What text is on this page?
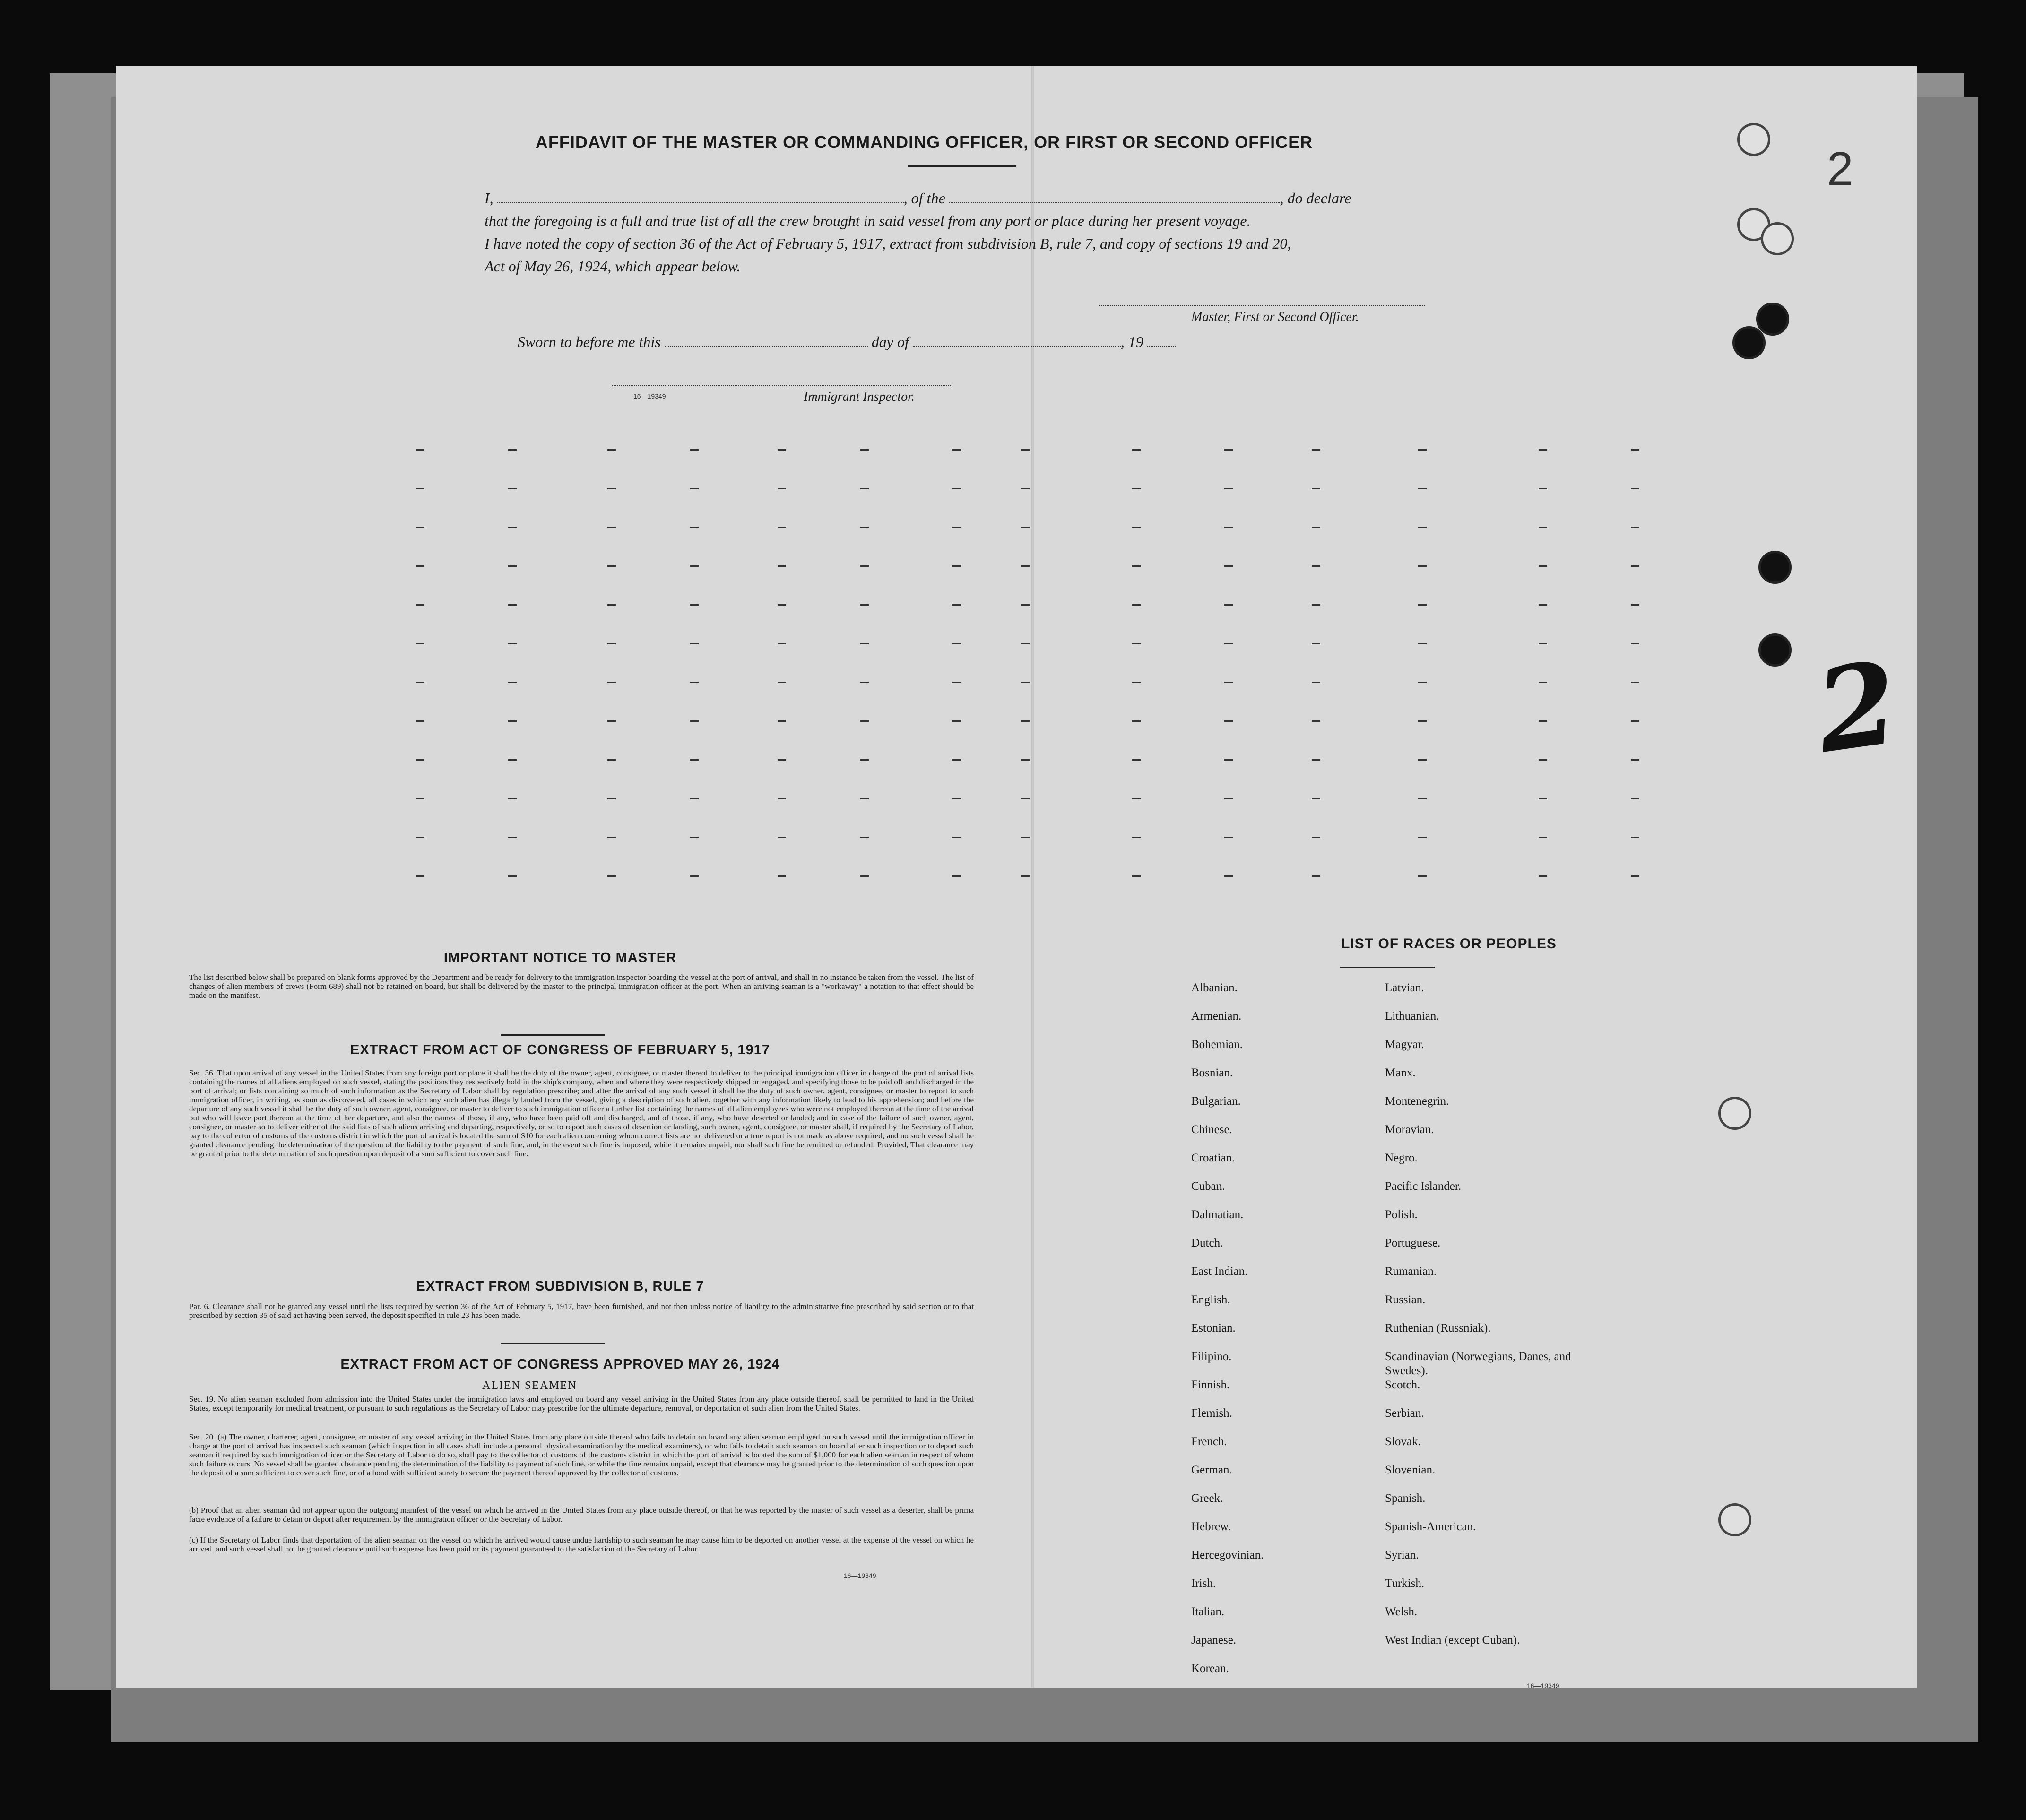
2
2
AFFIDAVIT OF THE MASTER OR COMMANDING OFFICER, OR FIRST OR SECOND OFFICER
I,	, of the	, do declare
that the foregoing is a full and true list of all the crew brought in said vessel from any port or place during her present voyage.
I have noted the copy of section 36 of the Act of February 5, 1917, extract from subdivision B, rule 7, and copy of sections 19 and 20,
Act of May 26, 1924, which appear below.
Master, First or Second Officer.
Sworn to before me this	day of	, 19
16—19349	Immigrant Inspector.
IMPORTANT NOTICE TO MASTER

The list described below shall be prepared on blank forms approved by the Department and be ready for delivery to the immigration inspector boarding the vessel at the port of arrival, and shall in no instance be taken from the vessel. The list of changes of alien members of crews (Form 689) shall not be retained on board, but shall be delivered by the master to the principal immigration officer at the port. When an arriving seaman is a "workaway" a notation to that effect should be made on the manifest.

EXTRACT FROM ACT OF CONGRESS OF FEBRUARY 5, 1917

Sec. 36. That upon arrival of any vessel in the United States from any foreign port or place it shall be the duty of the owner, agent, consignee, or master thereof to deliver to the principal immigration officer in charge of the port of arrival lists containing the names of all aliens employed on such vessel, stating the positions they respectively hold in the ship's company, when and where they were respectively shipped or engaged, and specifying those to be paid off and discharged in the port of arrival; or lists containing so much of such information as the Secretary of Labor shall by regulation prescribe; and after the arrival of any such vessel it shall be the duty of such owner, agent, consignee, or master to report to such immigration officer, in writing, as soon as discovered, all cases in which any such alien has illegally landed from the vessel, giving a description of such alien, together with any information likely to lead to his apprehension; and before the departure of any such vessel it shall be the duty of such owner, agent, consignee, or master to deliver to such immigration officer a further list containing the names of all alien employees who were not employed thereon at the time of the arrival but who will leave port thereon at the time of her departure, and also the names of those, if any, who have been paid off and discharged, and of those, if any, who have deserted or landed; and in case of the failure of such owner, agent, consignee, or master so to deliver either of the said lists of such aliens arriving and departing, respectively, or so to report such cases of desertion or landing, such owner, agent, consignee, or master shall, if required by the Secretary of Labor, pay to the collector of customs of the customs district in which the port of arrival is located the sum of $10 for each alien concerning whom correct lists are not delivered or a true report is not made as above required; and no such vessel shall be granted clearance pending the determination of the question of the liability to the payment of such fine, and, in the event such fine is imposed, while it remains unpaid; nor shall such fine be remitted or refunded: Provided, That clearance may be granted prior to the determination of such question upon deposit of a sum sufficient to cover such fine.

EXTRACT FROM SUBDIVISION B, RULE 7

Par. 6. Clearance shall not be granted any vessel until the lists required by section 36 of the Act of February 5, 1917, have been furnished, and not then unless notice of liability to the administrative fine prescribed by said section or to that prescribed by section 35 of said act having been served, the deposit specified in rule 23 has been made.

EXTRACT FROM ACT OF CONGRESS APPROVED MAY 26, 1924
ALIEN SEAMEN

Sec. 19. No alien seaman excluded from admission into the United States under the immigration laws and employed on board any vessel arriving in the United States from any place outside thereof, shall be permitted to land in the United States, except temporarily for medical treatment, or pursuant to such regulations as the Secretary of Labor may prescribe for the ultimate departure, removal, or deportation of such alien from the United States.

Sec. 20. (a) The owner, charterer, agent, consignee, or master of any vessel arriving in the United States from any place outside thereof who fails to detain on board any alien seaman employed on such vessel until the immigration officer in charge at the port of arrival has inspected such seaman (which inspection in all cases shall include a personal physical examination by the medical examiners), or who fails to detain such seaman on board after such inspection or to deport such seaman if required by such immigration officer or the Secretary of Labor to do so, shall pay to the collector of customs of the customs district in which the port of arrival is located the sum of $1,000 for each alien seaman in respect of whom such failure occurs. No vessel shall be granted clearance pending the determination of the liability to payment of such fine, or while the fine remains unpaid, except that clearance may be granted prior to the determination of such question upon the deposit of a sum sufficient to cover such fine, or of a bond with sufficient surety to secure the payment thereof approved by the collector of customs.

(b) Proof that an alien seaman did not appear upon the outgoing manifest of the vessel on which he arrived in the United States from any place outside thereof, or that he was reported by the master of such vessel as a deserter, shall be prima facie evidence of a failure to detain or deport after requirement by the immigration officer or the Secretary of Labor.

(c) If the Secretary of Labor finds that deportation of the alien seaman on the vessel on which he arrived would cause undue hardship to such seaman he may cause him to be deported on another vessel at the expense of the vessel on which he arrived, and such vessel shall not be granted clearance until such expense has been paid or its payment guaranteed to the satisfaction of the Secretary of Labor.

16—19349
LIST OF RACES OR PEOPLES
Albanian.
Armenian.
Bohemian.
Bosnian.
Bulgarian.
Chinese.
Croatian.
Cuban.
Dalmatian.
Dutch.
East Indian.
English.
Estonian.
Filipino.
Finnish.
Flemish.
French.
German.
Greek.
Hebrew.
Hercegovinian.
Irish.
Italian.
Japanese.
Korean.
Latvian.
Lithuanian.
Magyar.
Manx.
Montenegrin.
Moravian.
Negro.
Pacific Islander.
Polish.
Portuguese.
Rumanian.
Russian.
Ruthenian (Russniak).
Scandinavian (Norwegians, Danes, and Swedes).
Scotch.
Serbian.
Slovak.
Slovenian.
Spanish.
Spanish-American.
Syrian.
Turkish.
Welsh.
West Indian (except Cuban).
16—19349
